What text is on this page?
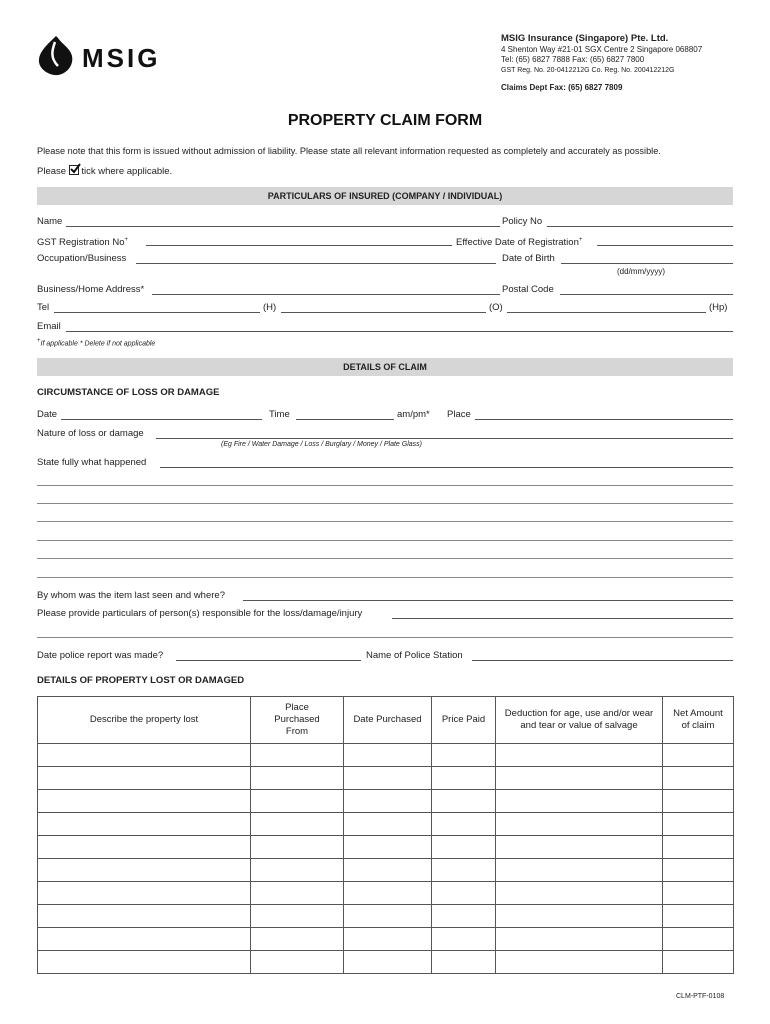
MSIG
MSIG Insurance (Singapore) Pte. Ltd.
4 Shenton Way #21-01 SGX Centre 2 Singapore 068807
Tel: (65) 6827 7888 Fax: (65) 6827 7800
GST Reg. No. 20-0412212G Co. Reg. No. 200412212G
Claims Dept Fax: (65) 6827 7809
PROPERTY CLAIM FORM
Please note that this form is issued without admission of liability. Please state all relevant information requested as completely and accurately as possible.
Please tick where applicable.
PARTICULARS OF INSURED (COMPANY / INDIVIDUAL)
Name	Policy No
GST Registration No+	Effective Date of Registration+
Occupation/Business	Date of Birth
(dd/mm/yyyy)
Business/Home Address*	Postal Code
Tel	(H)	(O)	(Hp)
Email
+If applicable * Delete if not applicable
DETAILS OF CLAIM
CIRCUMSTANCE OF LOSS OR DAMAGE
Date	Time	am/pm* Place
Nature of loss or damage
(Eg Fire / Water Damage / Loss / Burglary / Money / Plate Glass)
State fully what happened
By whom was the item last seen and where?
Please provide particulars of person(s) responsible for the loss/damage/injury
Date police report was made?	Name of Police Station
DETAILS OF PROPERTY LOST OR DAMAGED
Describe the property lost	Place Purchased From	Date Purchased	Price Paid	Deduction for age, use and/or wear and tear or value of salvage	Net Amount of claim

CLM-PTF-0108
